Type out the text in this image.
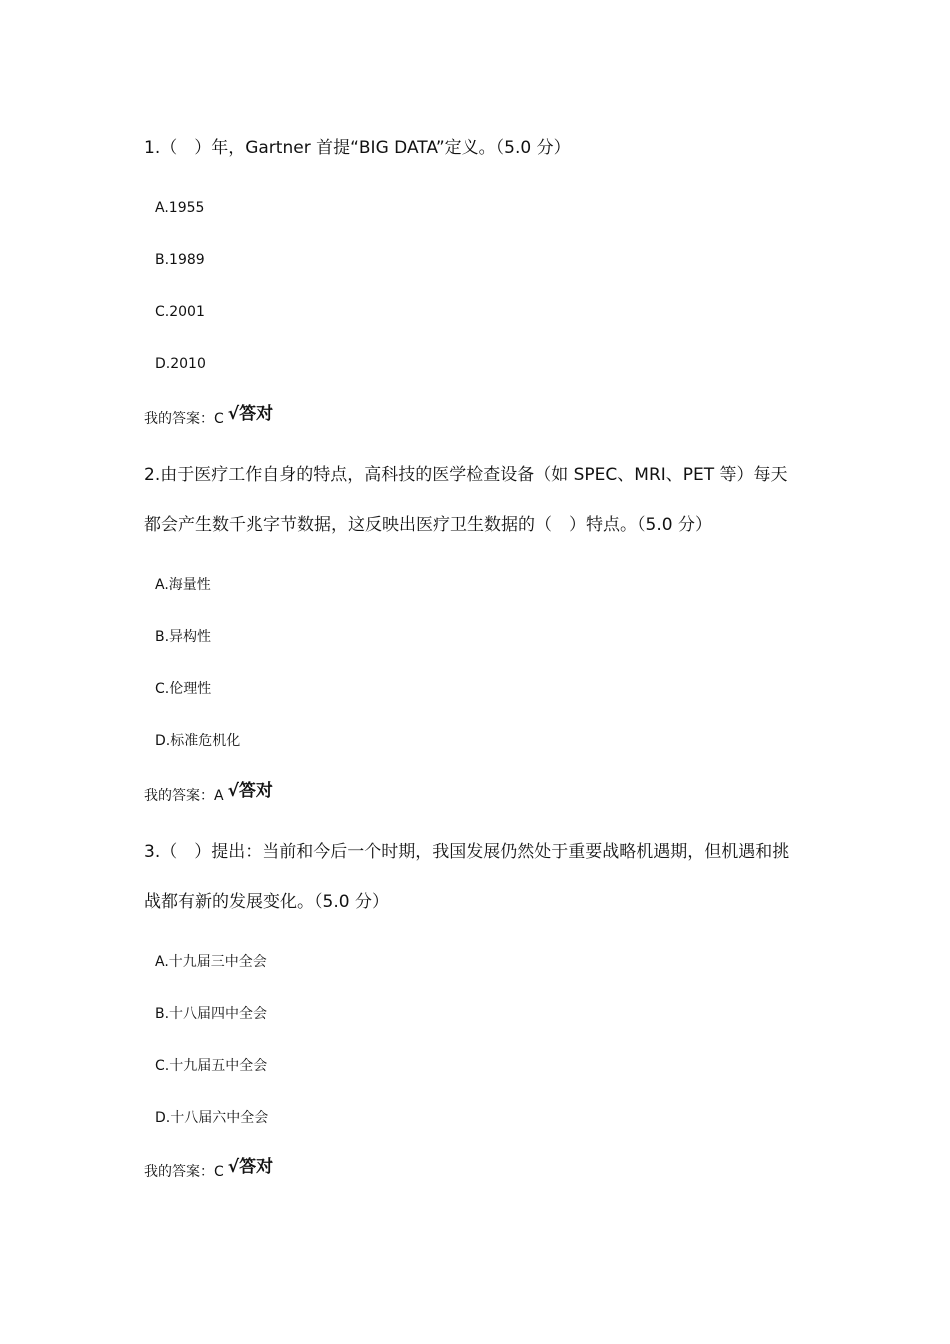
1.（　）年，Gartner 首提“BIG DATA”定义。（5.0 分）
A.1955
B.1989
C.2001
D.2010
我的答案：C √答对
2.由于医疗工作自身的特点，高科技的医学检查设备（如 SPEC、MRI、PET 等）每天
都会产生数千兆字节数据，这反映出医疗卫生数据的（　）特点。（5.0 分）
A.海量性
B.异构性
C.伦理性
D.标准危机化
我的答案：A √答对
3.（　）提出：当前和今后一个时期，我国发展仍然处于重要战略机遇期，但机遇和挑
战都有新的发展变化。（5.0 分）
A.十九届三中全会
B.十八届四中全会
C.十九届五中全会
D.十八届六中全会
我的答案：C √答对
